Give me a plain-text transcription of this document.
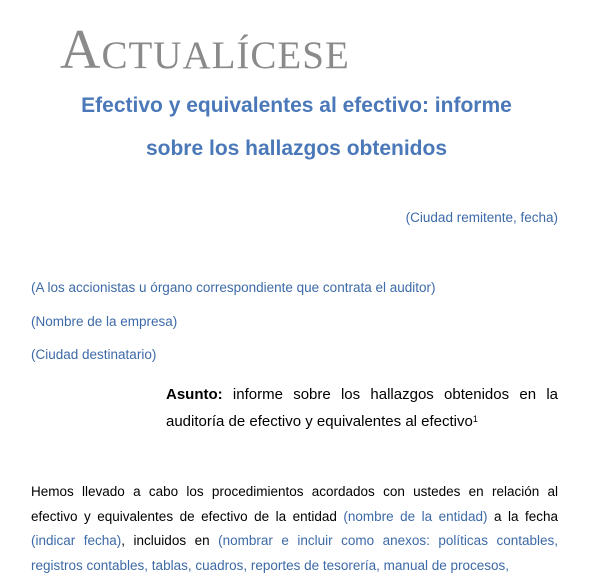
Actualícese
Efectivo y equivalentes al efectivo: informe
sobre los hallazgos obtenidos
(Ciudad remitente, fecha)
(A los accionistas u órgano correspondiente que contrata el auditor)
(Nombre de la empresa)
(Ciudad destinatario)
Asunto: informe sobre los hallazgos obtenidos en la auditoría de efectivo y equivalentes al efectivo$^1$
Hemos llevado a cabo los procedimientos acordados con ustedes en relación al efectivo y equivalentes de efectivo de la entidad (nombre de la entidad) a la fecha (indicar fecha), incluidos en (nombrar e incluir como anexos: políticas contables, registros contables, tablas, cuadros, reportes de tesorería, manual de procesos,
